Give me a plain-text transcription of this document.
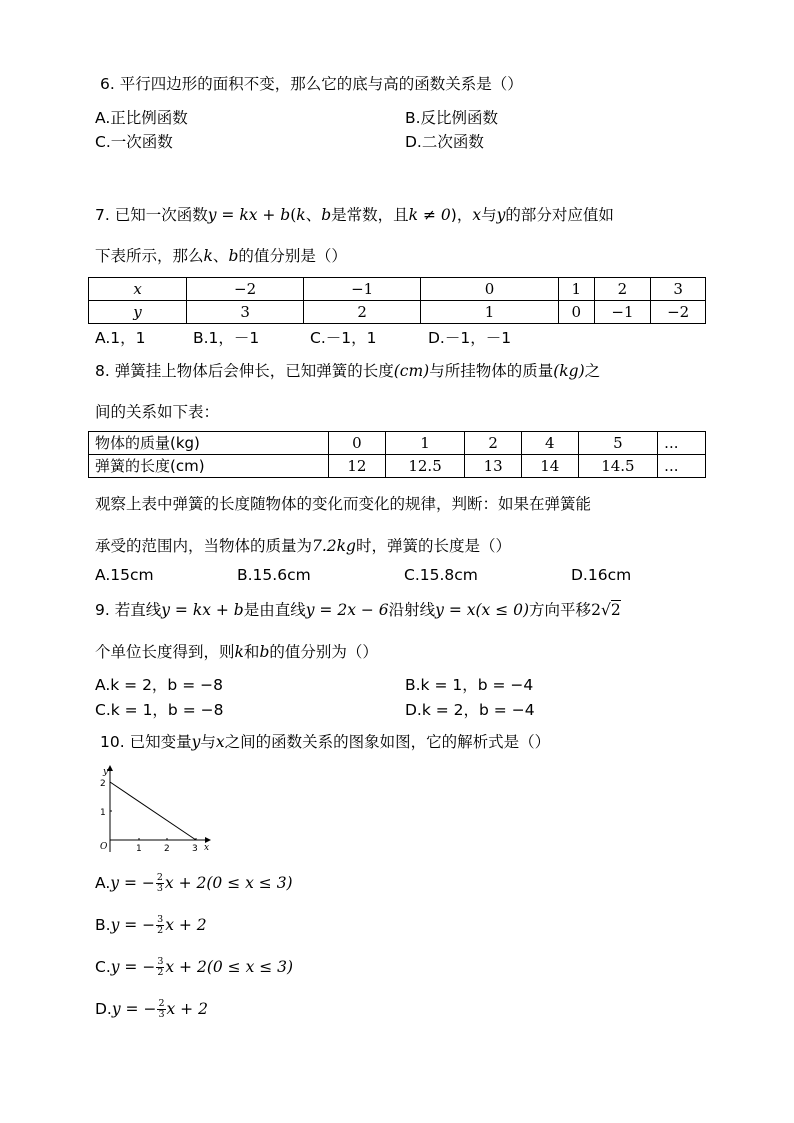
6. 平行四边形的面积不变，那么它的底与高的函数关系是（）
A.正比例函数	B.反比例函数
C.一次函数	D.二次函数
7. 已知一次函数y = kx + b(k、b是常数，且k ≠ 0)，x与y的部分对应值如
下表所示，那么k、b的值分别是（）
x	−2	−1	0	1	2	3
y	3	2	1	0	−1	−2
A.1，1	B.1，－1	C.－1，1	D.－1，－1
8. 弹簧挂上物体后会伸长，已知弹簧的长度(cm)与所挂物体的质量(kg)之
间的关系如下表：
物体的质量(kg)	0	1	2	4	5	...
弹簧的长度(cm)	12	12.5	13	14	14.5	...
观察上表中弹簧的长度随物体的变化而变化的规律，判断：如果在弹簧能
承受的范围内，当物体的质量为7.2kg时，弹簧的长度是（）
A.15cm	B.15.6cm	C.15.8cm	D.16cm
9. 若直线y = kx + b是由直线y = 2x − 6沿射线y = x(x ≤ 0)方向平移2√2
个单位长度得到，则k和b的值分别为（）
A.k = 2，b = −8	B.k = 1，b = −4
C.k = 1，b = −8	D.k = 2，b = −4
10. 已知变量y与x之间的函数关系的图象如图，它的解析式是（）
y
x
O
2
1
1 2 3
A.y = − $\frac{2}{3}$ x + 2(0 ≤ x ≤ 3)
B.y = − $\frac{3}{2}$ x + 2
C.y = − $\frac{3}{2}$ x + 2(0 ≤ x ≤ 3)
D.y = − $\frac{2}{3}$ x + 2
